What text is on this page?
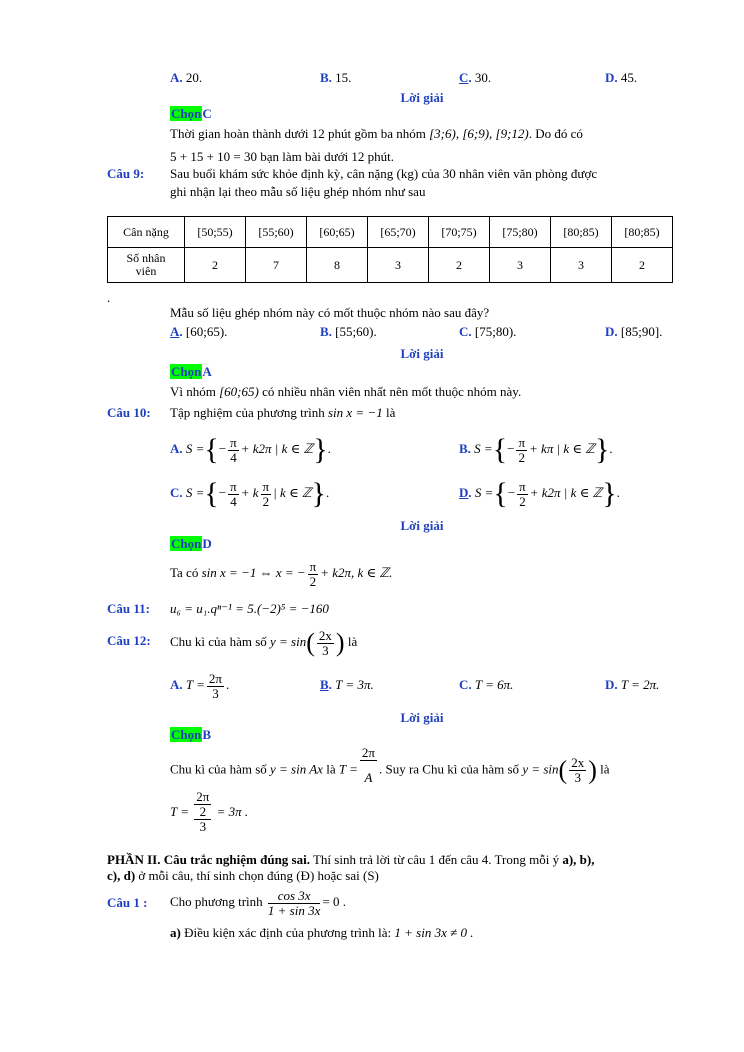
A. 20.	B. 15.	C. 30.	D. 45.
Lời giải
ChọnC
Thời gian hoàn thành dưới 12 phút gồm ba nhóm [3;6), [6;9), [9;12). Do đó có
5 + 15 + 10 = 30 bạn làm bài dưới 12 phút.
Câu 9: Sau buổi khám sức khỏe định kỳ, cân nặng (kg) của 30 nhân viên văn phòng được
ghi nhận lại theo mẫu số liệu ghép nhóm như sau
Cân nặng	[50;55)	[55;60)	[60;65)	[65;70)	[70;75)	[75;80)	[80;85)	[80;85)
Số nhân
viên	2	7	8	3	2	3	3	2
.
Mẫu số liệu ghép nhóm này có mốt thuộc nhóm nào sau đây?
A. [60;65).	B. [55;60).	C. [75;80).	D. [85;90].
Lời giải
ChọnA
Vì nhóm [60;65) có nhiều nhân viên nhất nên mốt thuộc nhóm này.
Câu 10: Tập nghiệm của phương trình sin x = −1 là
A. S ={− $\frac{\pi}{4} + k2\pi$ | k ∈ ℤ}.	B. S ={− $\frac{\pi}{2} + k\pi$ | k ∈ ℤ}.
C. S ={− $\frac{\pi}{4} + k \frac{\pi}{2}$ | k ∈ ℤ}.	D. S ={− $\frac{\pi}{2} + k2\pi$ | k ∈ ℤ}.
Lời giải
ChọnD
Ta có sin x = −1 ⇔ x = − $\frac{\pi}{2} + k2\pi$, k ∈ ℤ.
Câu 11: u₆ = u₁.qⁿ⁻¹ = 5.(−2)⁵ = −160
Câu 12: Chu kì của hàm số $y = \sin( \frac{2x}{3}$ ) là
A. $T = \frac{2\pi}{3}$ .	B. T = 3π.	C. T = 6π.	D. T = 2π.
Lời giải
ChọnB
Chu kì của hàm số y = sin Ax là $T = \frac{2\pi}{A}$ . Suy ra Chu kì của hàm số $y = \sin( \frac{2x}{3}$ ) là
T = 2π
2
3 = 3π .
PHẦN II. Câu trắc nghiệm đúng sai. Thí sinh trả lời từ câu 1 đến câu 4. Trong mỗi ý a), b),
c), d) ở mỗi câu, thí sinh chọn đúng (Đ) hoặc sai (S)
Câu 1 : Cho phương trình $\frac{\cos 3x}{1 + \sin 3x} = 0$ .
a) Điều kiện xác định của phương trình là: 1 + sin 3x ≠ 0 .
